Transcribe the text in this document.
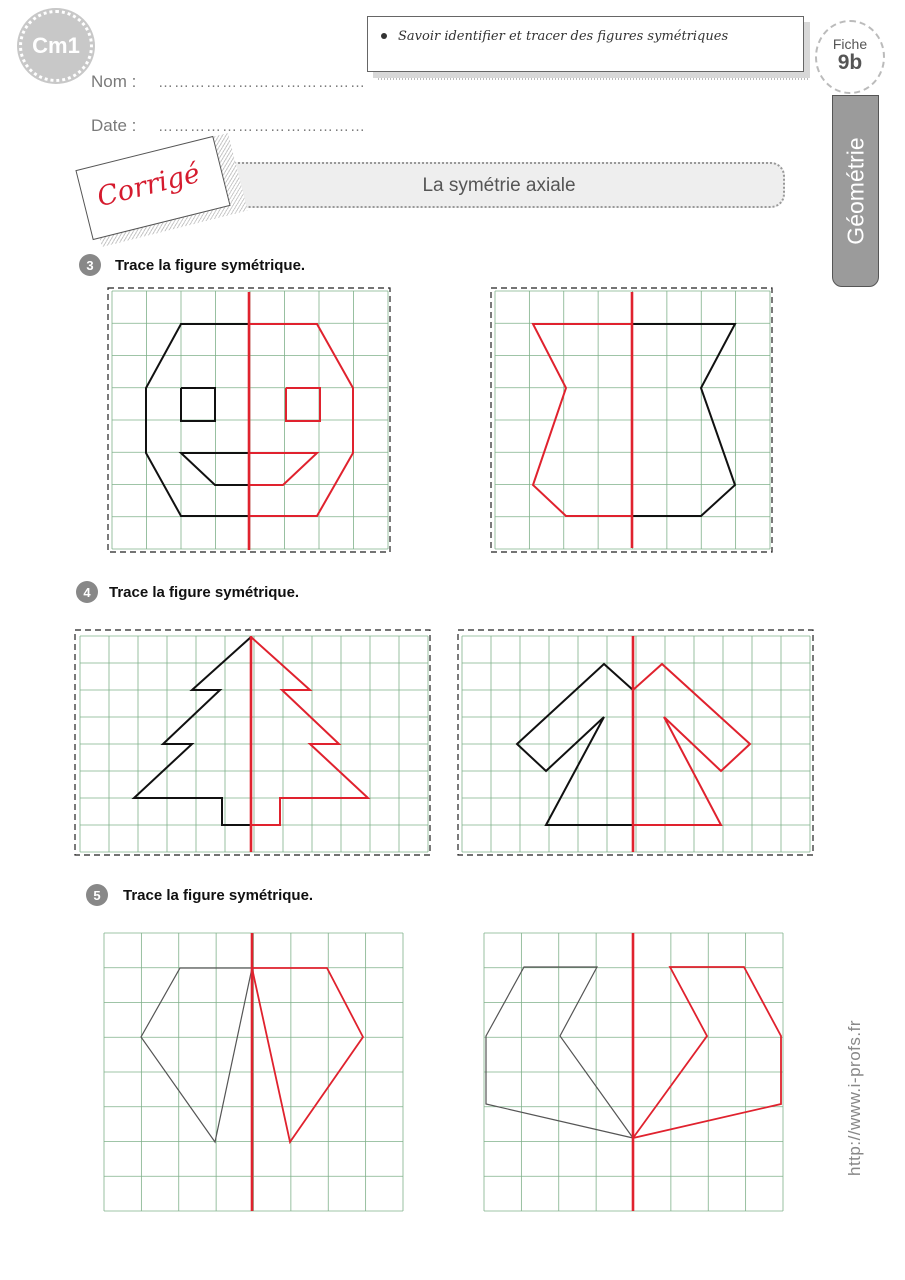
Cm1
Nom : …………………………………
Date : …………………………………
Savoir identifier et tracer des figures symétriques	Fiche
9b
Géométrie
La symétrie axiale
Corrigé
3	Trace la figure symétrique.
4	Trace la figure symétrique.
5	Trace la figure symétrique.
http://www.i-profs.fr
